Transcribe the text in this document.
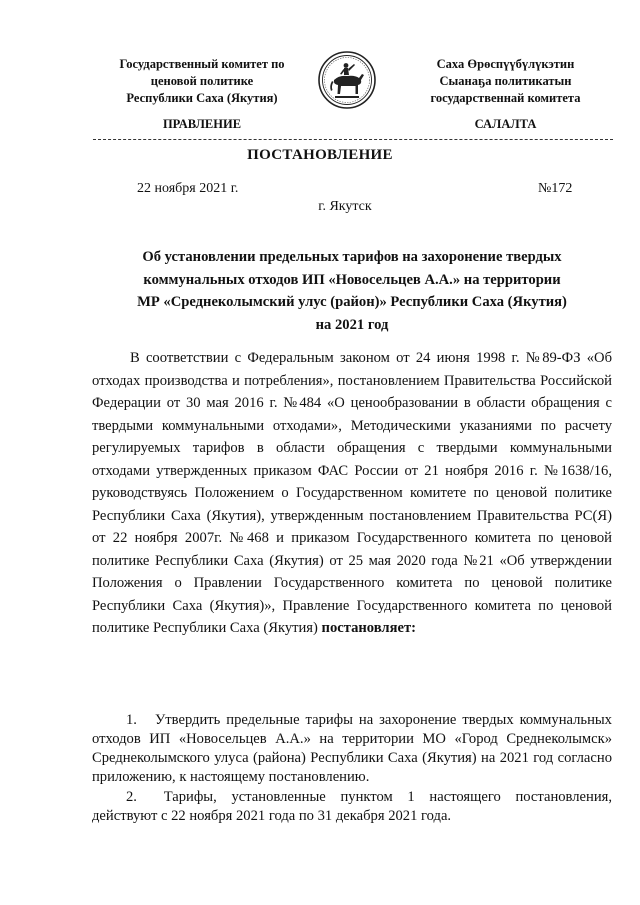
Государственный комитет по
ценовой политике
Республики Саха (Якутия)
Саха Өрөспүүбүлүкэтин
Сыанаҕа политикатын
государственнай комитета
ПРАВЛЕНИЕ	САЛАЛТА
ПОСТАНОВЛЕНИЕ
22 ноября 2021 г.	№172
г. Якутск
Об установлении предельных тарифов на захоронение твердых
коммунальных отходов ИП «Новосельцев А.А.» на территории
МР «Среднеколымский улус (район)» Республики Саха (Якутия)
на 2021 год

В соответствии с Федеральным законом от 24 июня 1998 г. №89-ФЗ «Об отходах производства и потребления», постановлением Правительства Российской Федерации от 30 мая 2016 г. №484 «О ценообразовании в области обращения с твердыми коммунальными отходами», Методическими указаниями по расчету регулируемых тарифов в области обращения с твердыми коммунальными отходами утвержденных приказом ФАС России от 21 ноября 2016 г. №1638/16, руководствуясь Положением о Государственном комитете по ценовой политике Республики Саха (Якутия), утвержденным постановлением Правительства РС(Я) от 22 ноября 2007г. №468 и приказом Государственного комитета по ценовой политике Республики Саха (Якутия) от 25 мая 2020 года №21 «Об утверждении Положения о Правлении Государственного комитета по ценовой политике Республики Саха (Якутия)», Правление Государственного комитета по ценовой политике Республики Саха (Якутия) постановляет:

1. Утвердить предельные тарифы на захоронение твердых коммунальных отходов ИП «Новосельцев А.А.» на территории МО «Город Среднеколымск» Среднеколымского улуса (района) Республики Саха (Якутия) на 2021 год согласно приложению, к настоящему постановлению.

2. Тарифы, установленные пунктом 1 настоящего постановления, действуют с 22 ноября 2021 года по 31 декабря 2021 года.
